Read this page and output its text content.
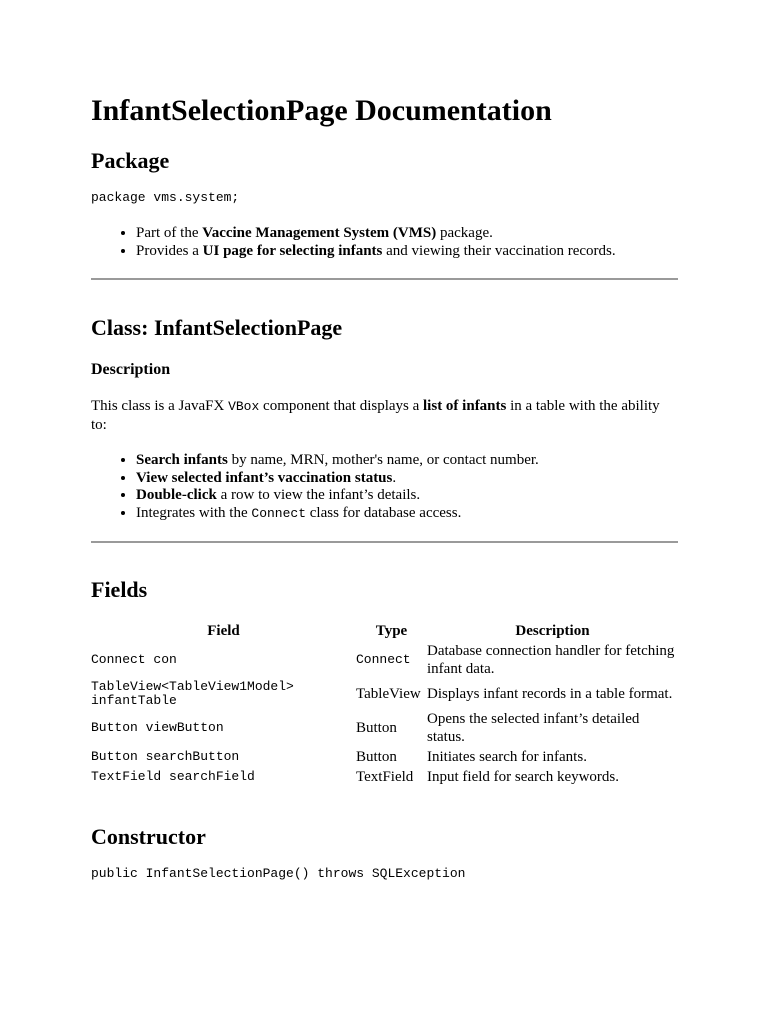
InfantSelectionPage Documentation
Package
package vms.system;
• Part of the Vaccine Management System (VMS) package.
• Provides a UI page for selecting infants and viewing their vaccination records.
Class: InfantSelectionPage
Description

This class is a JavaFX VBox component that displays a list of infants in a table with the ability to:

• Search infants by name, MRN, mother's name, or contact number.
• View selected infant’s vaccination status.
• Double-click a row to view the infant’s details.
• Integrates with the Connect class for database access.
Fields
Field	Type	Description
Connect con	Connect	Database connection handler for fetching infant data.
TableView<TableView1Model> infantTable	TableView	Displays infant records in a table format.
Button viewButton	Button	Opens the selected infant’s detailed status.
Button searchButton	Button	Initiates search for infants.
TextField searchField	TextField	Input field for search keywords.
Constructor
public InfantSelectionPage() throws SQLException
